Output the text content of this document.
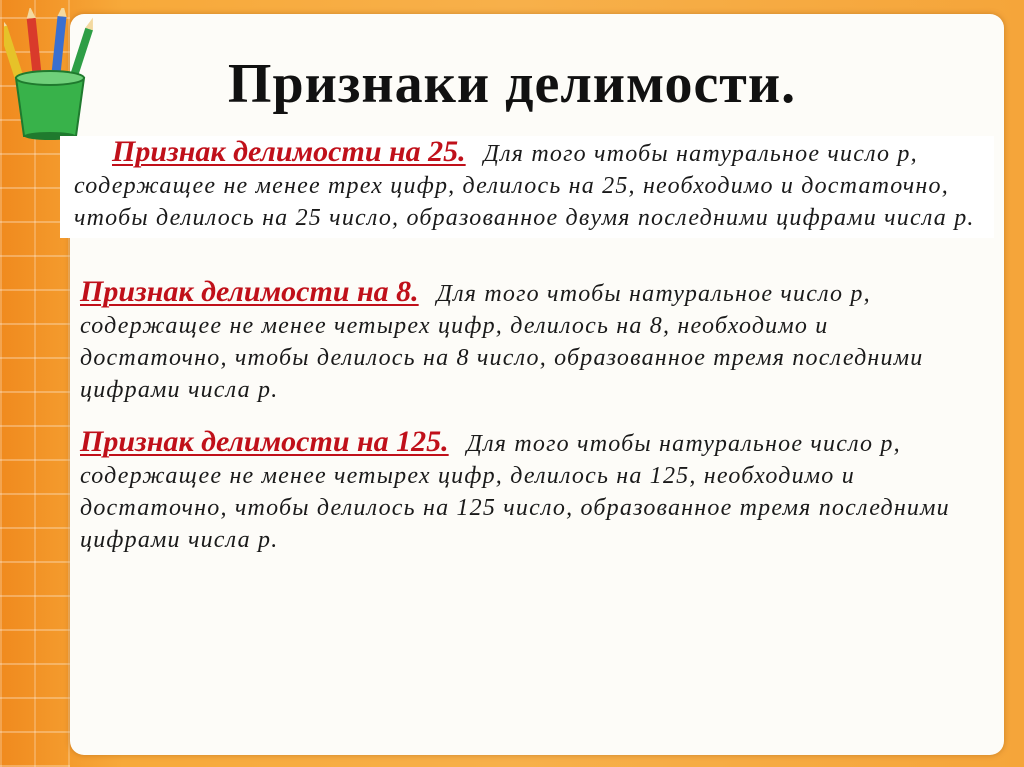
Признаки делимости.
Признак делимости на 25. Для того чтобы натуральное число p, содержащее не менее трех цифр, делилось на 25, необходимо и достаточно, чтобы делилось на 25 число, образованное двумя последними цифрами числа p.
Признак делимости на 8. Для того чтобы натуральное число p, содержащее не менее четырех цифр, делилось на 8, необходимо и достаточно, чтобы делилось на 8 число, образованное тремя последними цифрами числа p.
Признак делимости на 125. Для того чтобы натуральное число p, содержащее не менее четырех цифр, делилось на 125, необходимо и достаточно, чтобы делилось на 125 число, образованное тремя последними цифрами числа p.
